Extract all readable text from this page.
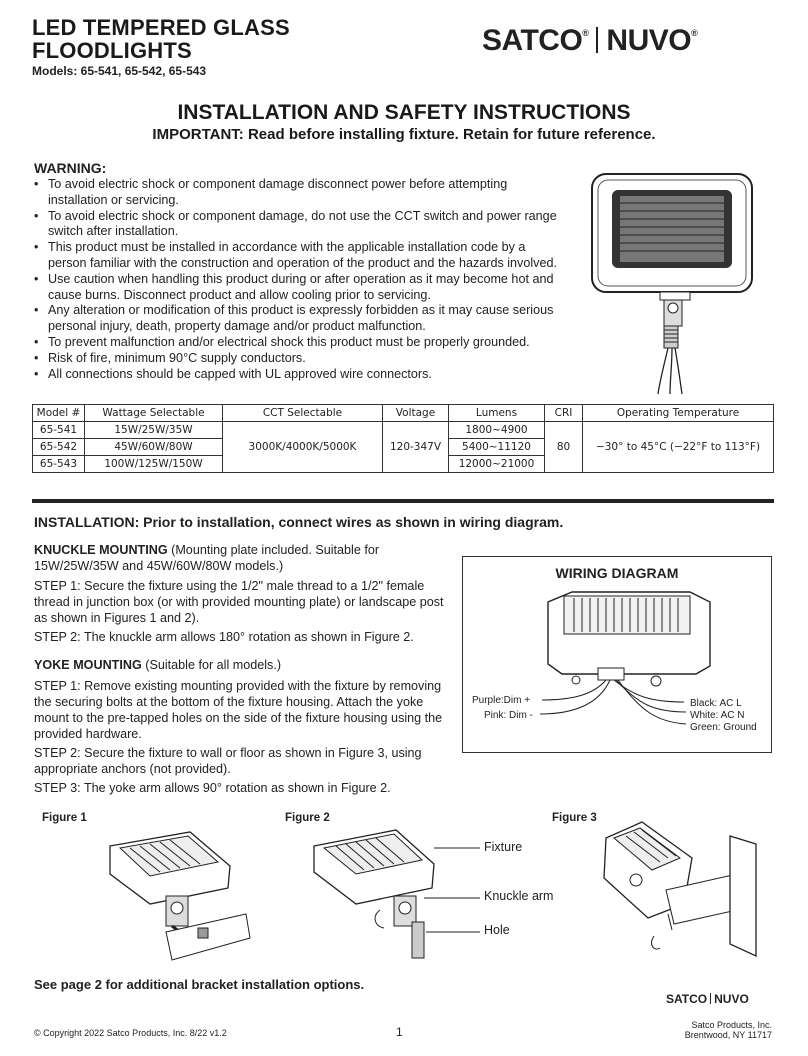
LED TEMPERED GLASS
FLOODLIGHTS
Models: 65-541, 65-542, 65-543
SATCO® NUVO®
INSTALLATION AND SAFETY INSTRUCTIONS
IMPORTANT: Read before installing fixture. Retain for future reference.
WARNING:
• To avoid electric shock or component damage disconnect power before attempting installation or servicing.
• To avoid electric shock or component damage, do not use the CCT switch and power range switch after installation.
• This product must be installed in accordance with the applicable installation code by a person familiar with the construction and operation of the product and the hazards involved.
• Use caution when handling this product during or after operation as it may become hot and cause burns. Disconnect product and allow cooling prior to servicing.
• Any alteration or modification of this product is expressly forbidden as it may cause serious personal injury, death, property damage and/or product malfunction.
• To prevent malfunction and/or electrical shock this product must be properly grounded.
• Risk of fire, minimum 90°C supply conductors.
• All connections should be capped with UL approved wire connectors.
Model #	Wattage Selectable	CCT Selectable	Voltage	Lumens	CRI	Operating Temperature
65-541	15W/25W/35W	3000K/4000K/5000K	120-347V	1800~4900	80	−30° to 45°C (−22°F to 113°F)
65-542	45W/60W/80W			5400~11120		
65-543	100W/125W/150W			12000~21000		
INSTALLATION: Prior to installation, connect wires as shown in wiring diagram.
KNUCKLE MOUNTING (Mounting plate included. Suitable for 15W/25W/35W and 45W/60W/80W models.)
STEP 1: Secure the fixture using the 1/2" male thread to a 1/2" female thread in junction box (or with provided mounting plate) or landscape post as shown in Figures 1 and 2).
STEP 2: The knuckle arm allows 180° rotation as shown in Figure 2.
YOKE MOUNTING (Suitable for all models.)
STEP 1: Remove existing mounting provided with the fixture by removing the securing bolts at the bottom of the fixture housing. Attach the yoke mount to the pre-tapped holes on the side of the fixture housing using the provided hardware.
STEP 2: Secure the fixture to wall or floor as shown in Figure 3, using appropriate anchors (not provided).
STEP 3: The yoke arm allows 90° rotation as shown in Figure 2.
WIRING DIAGRAM
Purple:Dim +
Pink: Dim -
Black: AC L
White: AC N
Green: Ground
Figure 1	Figure 2	Figure 3
Fixture
Knuckle arm
Hole
See page 2 for additional bracket installation options.
SATCO NUVO
© Copyright 2022 Satco Products, Inc. 8/22 v1.2	1	Satco Products, Inc.
Brentwood, NY 11717
